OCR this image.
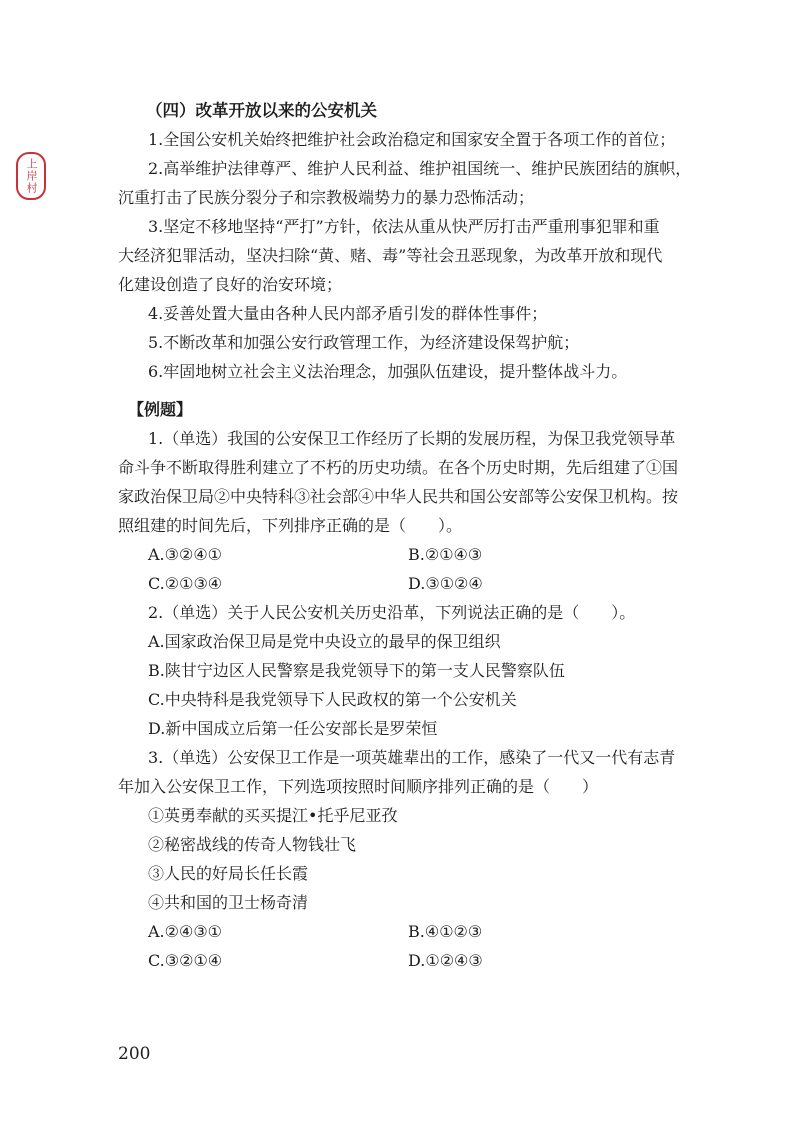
上岸村
（四）改革开放以来的公安机关
1.全国公安机关始终把维护社会政治稳定和国家安全置于各项工作的首位；
2.高举维护法律尊严、维护人民利益、维护祖国统一、维护民族团结的旗帜，
沉重打击了民族分裂分子和宗教极端势力的暴力恐怖活动；
3.坚定不移地坚持“严打”方针，依法从重从快严厉打击严重刑事犯罪和重
大经济犯罪活动，坚决扫除“黄、赌、毒”等社会丑恶现象，为改革开放和现代
化建设创造了良好的治安环境；
4.妥善处置大量由各种人民内部矛盾引发的群体性事件；
5.不断改革和加强公安行政管理工作，为经济建设保驾护航；
6.牢固地树立社会主义法治理念，加强队伍建设，提升整体战斗力。
【例题】
1.（单选）我国的公安保卫工作经历了长期的发展历程，为保卫我党领导革
命斗争不断取得胜利建立了不朽的历史功绩。在各个历史时期，先后组建了①国
家政治保卫局②中央特科③社会部④中华人民共和国公安部等公安保卫机构。按
照组建的时间先后，下列排序正确的是（　　）。
A.③②④①	B.②①④③
C.②①③④	D.③①②④
2.（单选）关于人民公安机关历史沿革，下列说法正确的是（　　）。
A.国家政治保卫局是党中央设立的最早的保卫组织
B.陕甘宁边区人民警察是我党领导下的第一支人民警察队伍
C.中央特科是我党领导下人民政权的第一个公安机关
D.新中国成立后第一任公安部长是罗荣恒
3.（单选）公安保卫工作是一项英雄辈出的工作，感染了一代又一代有志青
年加入公安保卫工作，下列选项按照时间顺序排列正确的是（　　）
①英勇奉献的买买提江•托乎尼亚孜
②秘密战线的传奇人物钱壮飞
③人民的好局长任长霞
④共和国的卫士杨奇清
A.②④③①	B.④①②③
C.③②①④	D.①②④③
200
